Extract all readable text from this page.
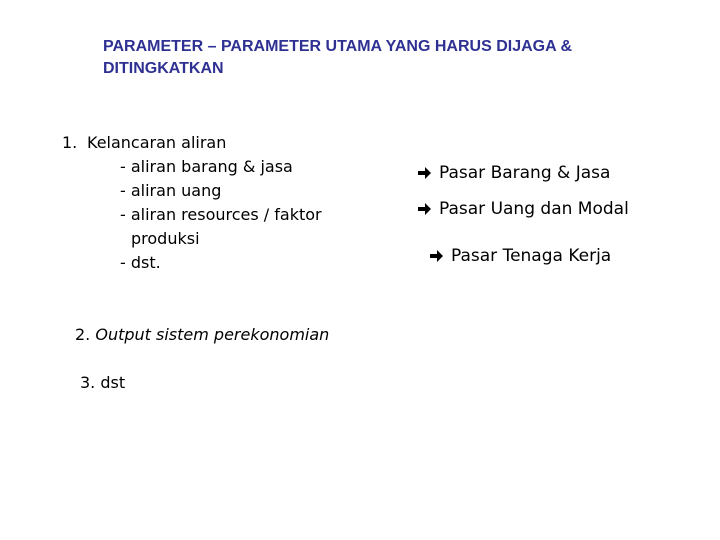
PARAMETER – PARAMETER UTAMA YANG HARUS DIJAGA &
DITINGKATKAN
1. Kelancaran aliran
- aliran barang & jasa
- aliran uang
- aliran resources / faktor
produksi
- dst.
2. Output sistem perekonomian
3. dst
Pasar Barang & Jasa
Pasar Uang dan Modal
Pasar Tenaga Kerja
